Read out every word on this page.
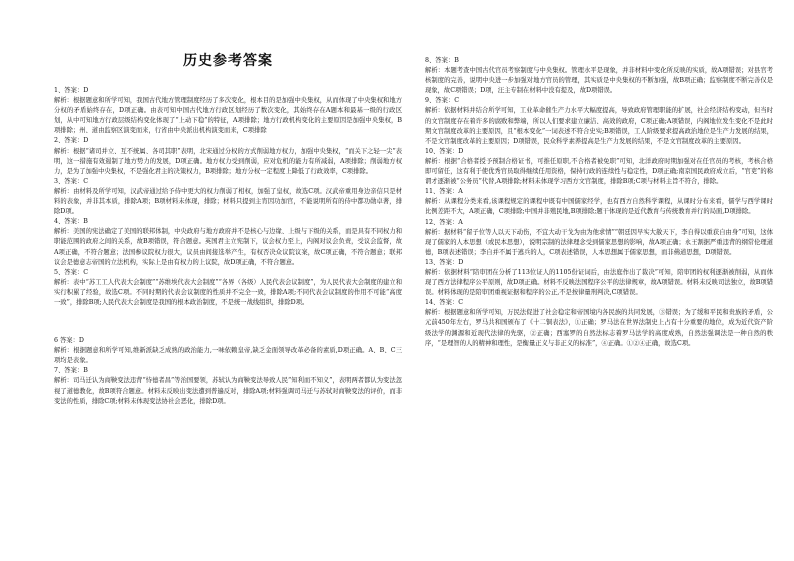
历史参考答案

1、答案：D

解析：根据题意和所学可知，我国古代地方管理制度经历了多次变化，根本目的是加强中央集权，从而体现了中央集权和地方分权的矛盾始终存在，D项正确。由表可知中国古代地方行政区划经历了数次变化，其始终存在A题本和最基一级的行政区划，从中可知地方行政层级结构变化体现了“上动下稳”的特征，A项排除；地方行政机构变化的主要原因是加强中央集权，B项排除；州、道由监察区演变而来，行省由中央派出机构演变而来，C项排除

2、答案：D

解析：根据“诸司并立、互不统属、各司其职”表明，北宋通过分权的方式削弱地方权力，加强中央集权，“而关下之轻一尖”表明，这一措施有效遏制了地方势力的发展，D项正确。地方权力受到削弱，应对危机的能力有所减弱，A项排除；削弱地方权力，是为了加强中央集权，不是强化君主的决策权力，B项排除；地方分权一定程度上降低了行政效率，C项排除。

3、答案：C

解析：由材料及所学可知，汉武帝通过给予侍中更大的权力削弱了相权，加强了皇权，故选C项。汉武帝重用身边亲信只是材料的表象，并非其本质，排除A项；B项材料未体现，排除；材料只提到主宵因功加官，不能说明所有的侍中都功勋卓著，排除D项。

4、答案：B

解析：美国的宪法确定了美国的联邦体制，中央政府与地方政府并不是核心与边缘、上级与下级的关系，而是具有不同权力和职能范围的政府之间的关系，故B项错误，符合题意。英国君主立宪制下，议会权力至上，内阁对议会负责，受议会监督，故A项正确，不符合题意；法国参议院权力很大，议员由间接选举产生，有权否决众议院议案，故C项正确，不符合题意；联邦议会是德意志帝国的立法机构，实际上是由有权力的上议院，故D项正确，不符合题意。

5、答案：C

解析：表中“苏工工人代表大会制度”“苏维埃代表大会制度”“各界（各级）人民代表会议制度”，为人民代表大会制度的建立和实行积累了经验，故选C项。不同时期的代表会议制度的性质并不完全一致，排除A项;不同代表会议制度的作用不可能“高度一致”，排除B项;人民代表大会制度是我国的根本政治制度，不是统一战线组织，排除D项。

6 答案：D

解析：根据题意和所学可知,维新派缺乏成熟的政治能力,一味依赖皇帝,缺乏金面领导改革必备的素质,D项正确。A、B、C三项均是表象。

7、答案：B

解析：司马迁认为商鞅变法违背“恃德者昌”等治国要领，苏轼认为商鞅变法导致人民“知利而不知义”，表明两者都认为变法忽视了道德教化，故B项符合题意。材料未反映出变法遭到普遍反对，排除A项;材料强调司马迁与苏轼对商鞅变法的评价，而非变法的性质，排除C项;材料未体现变法协社会恶化，排除D项。

8、答案：B

解析：本题考查中国古代官员考察制度与中央集权。管理水平是现象，并非材料中变化所反映的实质，故A项错误；对县官考核制度的完善，说明中央进一步加强对地方官员的管理，其实质是中央集权的不断加强，故B项正确；监察制度不断完善仅是现象，故C项错误；D项，汪主专制在材料中没有提及，故D项错误。

9、答案：C

解析：依据材料并结合所学可知，工业革命催生产力水平大幅度提高，导致政府管理职能的扩展，社会经济结构变动，但当时的文官制度存在着许多的腐败和弊端，所以人们要求建立廉洁、高效的政府，C项正确;A项错误，内阁地位发生变化不是此时期文官制度改革的主要原因，且“根本变化”一词表述不符合史实;B项错误，工人阶级要求提高政治地位是生产力发展的结果，不是文官制度改革的主要原因；D项错误，民众科学素养提高是生产力发展的结果，不是文官制度改革的主要原因。

10、答案：D

解析：根据“合格者授予预制合格证书，可推任原职,不合格者被免职”可知，北洋政府时期加强对在任官员的考核，考核合格即可留任，这有利于使优秀官员取得继续任用资格，保持行政的连续性与稳定性，D项正确;南京国民政府成立后，“官吏”的称谓才逐渐被“公务员”代替,A项排除;材料未体现学习西方文官制度，排除B项;C项与材料主旨不符合，排除。

11、答案：A

解析：从课程分类来看,该课程规定的课程中既有中国儒家经学，也有西方自然科学课程，从课时分布来看，儒学与西学课时比例差距不大，A项正确，C项排除;中国并非殖民地,B项排除;题干体现的是近代教育与传统教育并行的局面,D项排除。

12、答案：A

解析：据材料“留子位等人以天下动伤，不宜大动干戈为由为他求情”“朝廷因早实大赦天下，李自得以重获自由身”可知，这体现了儒家的人本思想（或民本思想），说明宗制的法律理念受到儒家思想的影响，故A项正确；永王割据严重违背的纲常伦理道德，B项表述错误；李自并不属于逃兵的人，C项表述错误，人本思想属于儒家思想，而非佛道思想，D项错误。

13、答案：D

解析：依据材料“陪审团在分析了113位证人的1105份证词后，由法庭作出了裁决”可知，陪审团的权利逐渐被削弱，从而体现了西方法律程序公平原则，故D项正确。材料不反映法国程序公平的法律规章，故A项错误。材料未反映司法独立，故B项错误。材料体现的是陪审团重视证据和程序的公正,不是按律量刑判决,C项错误。

14、答案：C

解析：根据题意和所学可知，万民法促进了社会稳定和帝国境内各民族的共同发展，③错误；为了缓和平民和贵族的矛盾，公元前450年左右，罗马共和国颁布了《十二铜表法》，①正确；罗马法在世界法制史上占有十分重要的地位，成为近代资产阶级法学的渊源和近现代法律的先驱，②正确；西塞罗的自然法标志着罗马法学的高度成熟，自然法强调法是一种自然的秩序，“是理智的人的精神和理性，是衡量正义与非正义的标准”，④正确。①②④正确，故选C项。
